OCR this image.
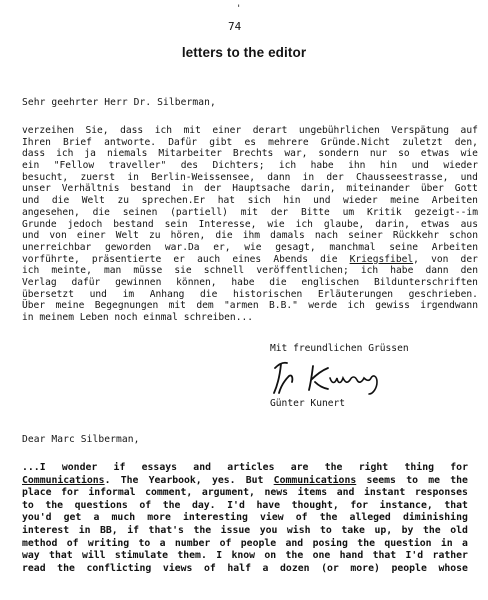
'
74
letters to the editor
Sehr geehrter Herr Dr. Silberman,
verzeihen Sie, dass ich mit einer derart ungebührlichen Verspätung auf
Ihren Brief antworte. Dafür gibt es mehrere Gründe.Nicht zuletzt den,
dass ich ja niemals Mitarbeiter Brechts war, sondern nur so etwas wie
ein "Fellow traveller" des Dichters; ich habe ihn hin und wieder
besucht, zuerst in Berlin-Weissensee, dann in der Chausseestrasse, und
unser Verhältnis bestand in der Hauptsache darin, miteinander über Gott
und die Welt zu sprechen.Er hat sich hin und wieder meine Arbeiten
angesehen, die seinen (partiell) mit der Bitte um Kritik gezeigt--im
Grunde jedoch bestand sein Interesse, wie ich glaube, darin, etwas aus
und von einer Welt zu hören, die ihm damals nach seiner Rückkehr schon
unerreichbar geworden war.Da er, wie gesagt, manchmal seine Arbeiten
vorführte, präsentierte er auch eines Abends die Kriegsfibel, von der
ich meinte, man müsse sie schnell veröffentlichen; ich habe dann den
Verlag dafür gewinnen können, habe die englischen Bildunterschriften
übersetzt und im Anhang die historischen Erläuterungen geschrieben.
Über meine Begegnungen mit dem "armen B.B." werde ich gewiss irgendwann
in meinem Leben noch einmal schreiben...
Mit freundlichen Grüssen
Günter Kunert
Dear Marc Silberman,
...I wonder if essays and articles are the right thing for
Communications. The Yearbook, yes. But Communications seems to me the
place for informal comment, argument, news items and instant responses
to the questions of the day. I'd have thought, for instance, that
you'd get a much more interesting view of the alleged diminishing
interest in BB, if that's the issue you wish to take up, by the old
method of writing to a number of people and posing the question in a
way that will stimulate them. I know on the one hand that I'd rather
read the conflicting views of half a dozen (or more) people whose
